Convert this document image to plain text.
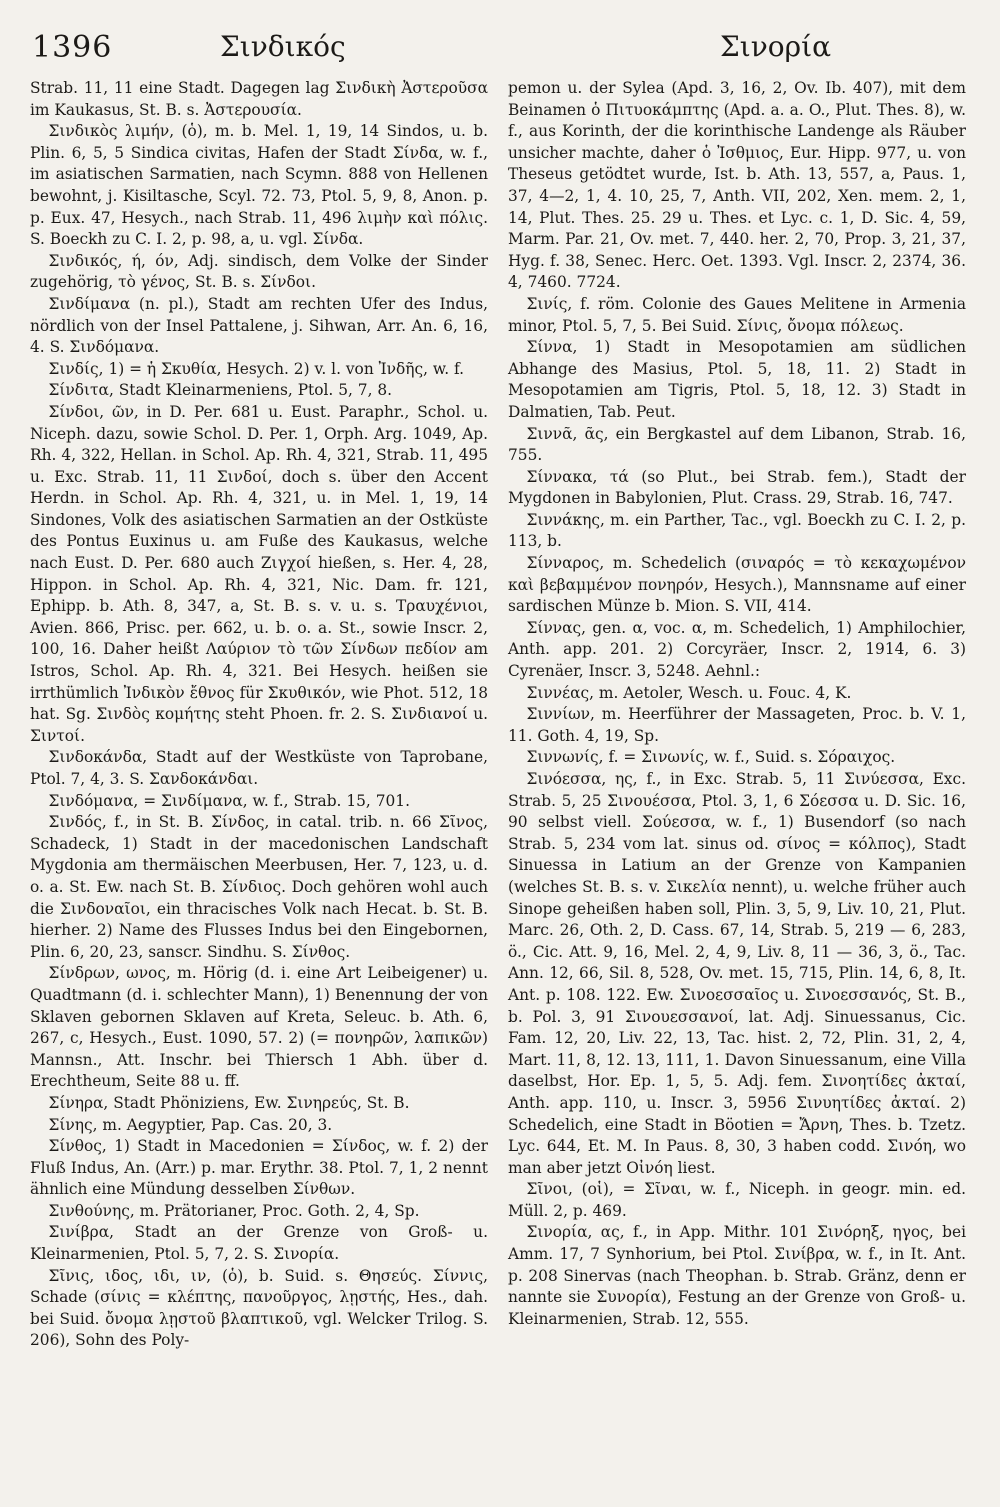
1396	Σινδικός	Σινορία

Strab. 11, 11 eine Stadt. Dagegen lag Σινδικὴ Ἀστεροῦσα im Kaukasus, St. B. s. Ἀστερουσία.

Σινδικὸς λιμήν, (ὁ), m. b. Mel. 1, 19, 14 Sindos, u. b. Plin. 6, 5, 5 Sindica civitas, Hafen der Stadt Σίνδα, w. f., im asiatischen Sarmatien, nach Scymn. 888 von Hellenen bewohnt, j. Kisiltasche, Scyl. 72. 73, Ptol. 5, 9, 8, Anon. p. p. Eux. 47, Hesych., nach Strab. 11, 496 λιμὴν καὶ πόλις. S. Boeckh zu C. I. 2, p. 98, a, u. vgl. Σίνδα.

Σινδικός, ή, όν, Adj. sindisch, dem Volke der Sinder zugehörig, τὸ γένος, St. B. s. Σίνδοι.

Σινδίμανα (n. pl.), Stadt am rechten Ufer des Indus, nördlich von der Insel Pattalene, j. Sihwan, Arr. An. 6, 16, 4. S. Σινδόμανα.

Σινδίς, 1) = ἡ Σκυθία, Hesych. 2) v. l. von Ἰνδῆς, w. f.

Σίνδιτα, Stadt Kleinarmeniens, Ptol. 5, 7, 8.

Σίνδοι, ῶν, in D. Per. 681 u. Eust. Paraphr., Schol. u. Niceph. dazu, sowie Schol. D. Per. 1, Orph. Arg. 1049, Ap. Rh. 4, 322, Hellan. in Schol. Ap. Rh. 4, 321, Strab. 11, 495 u. Exc. Strab. 11, 11 Σινδοί, doch s. über den Accent Herdn. in Schol. Ap. Rh. 4, 321, u. in Mel. 1, 19, 14 Sindones, Volk des asiatischen Sarmatien an der Ostküste des Pontus Euxinus u. am Fuße des Kaukasus, welche nach Eust. D. Per. 680 auch Ζιγχοί hießen, s. Her. 4, 28, Hippon. in Schol. Ap. Rh. 4, 321, Nic. Dam. fr. 121, Ephipp. b. Ath. 8, 347, a, St. B. s. v. u. s. Τραυχένιοι, Avien. 866, Prisc. per. 662, u. b. o. a. St., sowie Inscr. 2, 100, 16. Daher heißt Λαύριον τὸ τῶν Σίνδων πεδίον am Istros, Schol. Ap. Rh. 4, 321. Bei Hesych. heißen sie irrthümlich Ἰνδικὸν ἔθνος für Σκυθικόν, wie Phot. 512, 18 hat. Sg. Σινδὸς κομήτης steht Phoen. fr. 2. S. Σινδιανοί u. Σιντοί.

Σινδοκάνδα, Stadt auf der Westküste von Taprobane, Ptol. 7, 4, 3. S. Σανδοκάνδαι.

Σινδόμανα, = Σινδίμανα, w. f., Strab. 15, 701.

Σινδός, f., in St. B. Σίνδος, in catal. trib. n. 66 Σῖνος, Schadeck, 1) Stadt in der macedonischen Landschaft Mygdonia am thermäischen Meerbusen, Her. 7, 123, u. d. o. a. St. Ew. nach St. B. Σίνδιος. Doch gehören wohl auch die Σινδοναῖοι, ein thracisches Volk nach Hecat. b. St. B. hierher. 2) Name des Flusses Indus bei den Eingebornen, Plin. 6, 20, 23, sanscr. Sindhu. S. Σίνθος.

Σίνδρων, ωνος, m. Hörig (d. i. eine Art Leibeigener) u. Quadtmann (d. i. schlechter Mann), 1) Benennung der von Sklaven gebornen Sklaven auf Kreta, Seleuc. b. Ath. 6, 267, c, Hesych., Eust. 1090, 57. 2) (= πονηρῶν, λαπικῶν) Mannsn., Att. Inschr. bei Thiersch 1 Abh. über d. Erechtheum, Seite 88 u. ff.

Σίνηρα, Stadt Phöniziens, Ew. Σινηρεύς, St. B.

Σίνης, m. Aegyptier, Pap. Cas. 20, 3.

Σίνθος, 1) Stadt in Macedonien = Σίνδος, w. f. 2) der Fluß Indus, An. (Arr.) p. mar. Erythr. 38. Ptol. 7, 1, 2 nennt ähnlich eine Mündung desselben Σίνθων.

Σινθούνης, m. Prätorianer, Proc. Goth. 2, 4, Sp.

Σινίβρα, Stadt an der Grenze von Groß- u. Kleinarmenien, Ptol. 5, 7, 2. S. Σινορία.

Σῖνις, ιδος, ιδι, ιν, (ὁ), b. Suid. s. Θησεύς. Σίννις, Schade (σίνις = κλέπτης, πανοῦργος, λῃστής, Hes., dah. bei Suid. ὄνομα λῃστοῦ βλαπτικοῦ, vgl. Welcker Trilog. S. 206), Sohn des Poly-

pemon u. der Sylea (Apd. 3, 16, 2, Ov. Ib. 407), mit dem Beinamen ὁ Πιτυοκάμπτης (Apd. a. a. O., Plut. Thes. 8), w. f., aus Korinth, der die korinthische Landenge als Räuber unsicher machte, daher ὁ Ἰσθμιος, Eur. Hipp. 977, u. von Theseus getödtet wurde, Ist. b. Ath. 13, 557, a, Paus. 1, 37, 4—2, 1, 4. 10, 25, 7, Anth. VII, 202, Xen. mem. 2, 1, 14, Plut. Thes. 25. 29 u. Thes. et Lyc. c. 1, D. Sic. 4, 59, Marm. Par. 21, Ov. met. 7, 440. her. 2, 70, Prop. 3, 21, 37, Hyg. f. 38, Senec. Herc. Oet. 1393. Vgl. Inscr. 2, 2374, 36. 4, 7460. 7724.

Σινίς, f. röm. Colonie des Gaues Melitene in Armenia minor, Ptol. 5, 7, 5. Bei Suid. Σίνις, ὄνομα πόλεως.

Σίννα, 1) Stadt in Mesopotamien am südlichen Abhange des Masius, Ptol. 5, 18, 11. 2) Stadt in Mesopotamien am Tigris, Ptol. 5, 18, 12. 3) Stadt in Dalmatien, Tab. Peut.

Σιννᾶ, ᾶς, ein Bergkastel auf dem Libanon, Strab. 16, 755.

Σίννακα, τά (so Plut., bei Strab. fem.), Stadt der Mygdonen in Babylonien, Plut. Crass. 29, Strab. 16, 747.

Σιννάκης, m. ein Parther, Tac., vgl. Boeckh zu C. I. 2, p. 113, b.

Σίνναρος, m. Schedelich (σιναρός = τὸ κεκαχωμένον καὶ βεβαμμένον πονηρόν, Hesych.), Mannsname auf einer sardischen Münze b. Mion. S. VII, 414.

Σίννας, gen. α, voc. α, m. Schedelich, 1) Amphilochier, Anth. app. 201. 2) Corcyräer, Inscr. 2, 1914, 6. 3) Cyrenäer, Inscr. 3, 5248. Aehnl.:

Σιννέας, m. Aetoler, Wesch. u. Fouc. 4, K.

Σιννίων, m. Heerführer der Massageten, Proc. b. V. 1, 11. Goth. 4, 19, Sp.

Σιννωνίς, f. = Σινωνίς, w. f., Suid. s. Σόραιχος.

Σινόεσσα, ης, f., in Exc. Strab. 5, 11 Σινύεσσα, Exc. Strab. 5, 25 Σινουέσσα, Ptol. 3, 1, 6 Σόεσσα u. D. Sic. 16, 90 selbst viell. Σούεσσα, w. f., 1) Busendorf (so nach Strab. 5, 234 vom lat. sinus od. σίνος = κόλπος), Stadt Sinuessa in Latium an der Grenze von Kampanien (welches St. B. s. v. Σικελία nennt), u. welche früher auch Sinope geheißen haben soll, Plin. 3, 5, 9, Liv. 10, 21, Plut. Marc. 26, Oth. 2, D. Cass. 67, 14, Strab. 5, 219 — 6, 283, ö., Cic. Att. 9, 16, Mel. 2, 4, 9, Liv. 8, 11 — 36, 3, ö., Tac. Ann. 12, 66, Sil. 8, 528, Ov. met. 15, 715, Plin. 14, 6, 8, It. Ant. p. 108. 122. Ew. Σινοεσσαῖος u. Σινοεσσανός, St. B., b. Pol. 3, 91 Σινουεσσανοί, lat. Adj. Sinuessanus, Cic. Fam. 12, 20, Liv. 22, 13, Tac. hist. 2, 72, Plin. 31, 2, 4, Mart. 11, 8, 12. 13, 111, 1. Davon Sinuessanum, eine Villa daselbst, Hor. Ep. 1, 5, 5. Adj. fem. Σινοητίδες ἀκταί, Anth. app. 110, u. Inscr. 3, 5956 Σινυητίδες ἀκταί. 2) Schedelich, eine Stadt in Böotien = Ἄρνη, Thes. b. Tzetz. Lyc. 644, Et. M. In Paus. 8, 30, 3 haben codd. Σινόη, wo man aber jetzt Οἰνόη liest.

Σῖνοι, (οἱ), = Σῖναι, w. f., Niceph. in geogr. min. ed. Müll. 2, p. 469.

Σινορία, ας, f., in App. Mithr. 101 Σινόρηξ, ηγος, bei Amm. 17, 7 Synhorium, bei Ptol. Σινίβρα, w. f., in It. Ant. p. 208 Sinervas (nach Theophan. b. Strab. Gränz, denn er nannte sie Συνορία), Festung an der Grenze von Groß- u. Kleinarmenien, Strab. 12, 555.
